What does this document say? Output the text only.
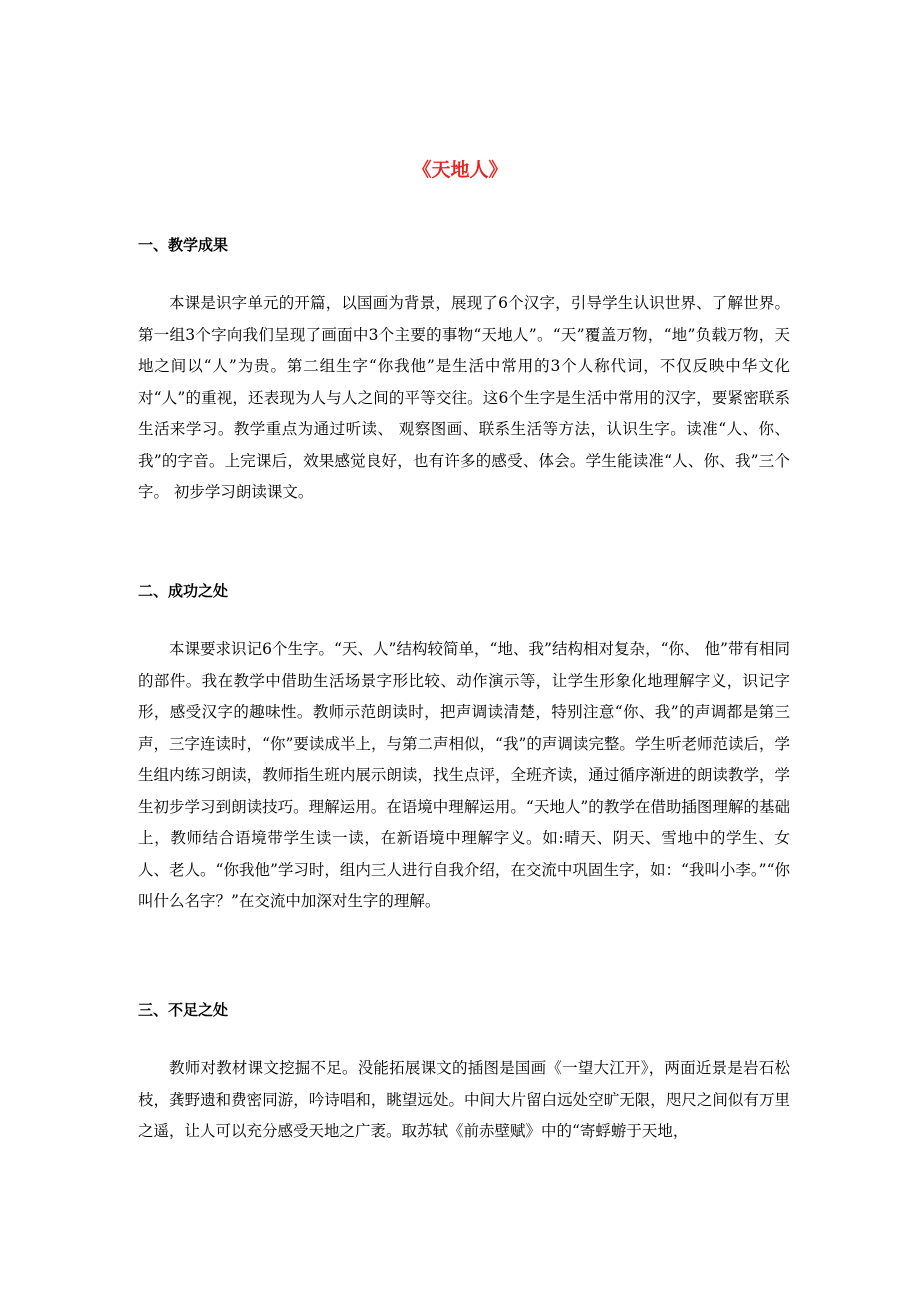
《天地人》
一、教学成果

本课是识字单元的开篇，以国画为背景，展现了6个汉字，引导学生认识世界、了解世界。第一组3个字向我们呈现了画面中3个主要的事物“天地人”。“天”覆盖万物，“地”负载万物，天地之间以“人”为贵。第二组生字“你我他”是生活中常用的3个人称代词，不仅反映中华文化对“人”的重视，还表现为人与人之间的平等交往。这6个生字是生活中常用的汉字，要紧密联系生活来学习。教学重点为通过听读、 观察图画、联系生活等方法，认识生字。读准“人、你、我”的字音。上完课后，效果感觉良好，也有许多的感受、体会。学生能读准“人、你、我”三个字。 初步学习朗读课文。

二、成功之处

本课要求识记6个生字。“天、人”结构较简单，“地、我”结构相对复杂，“你、 他”带有相同的部件。我在教学中借助生活场景字形比较、动作演示等，让学生形象化地理解字义，识记字形，感受汉字的趣味性。教师示范朗读时，把声调读清楚，特别注意“你、我”的声调都是第三声，三字连读时，“你”要读成半上，与第二声相似，“我”的声调读完整。学生听老师范读后，学生组内练习朗读，教师指生班内展示朗读，找生点评，全班齐读，通过循序渐进的朗读教学，学生初步学习到朗读技巧。理解运用。在语境中理解运用。“天地人”的教学在借助插图理解的基础上，教师结合语境带学生读一读，在新语境中理解字义。如:晴天、阴天、雪地中的学生、女人、老人。“你我他”学习时，组内三人进行自我介绍，在交流中巩固生字，如：“我叫小李。”“你叫什么名字？”在交流中加深对生字的理解。

三、不足之处

教师对教材课文挖掘不足。没能拓展课文的插图是国画《一望大江开》，两面近景是岩石松枝，龚野遗和费密同游，吟诗唱和，眺望远处。中间大片留白远处空旷无限，咫尺之间似有万里之遥，让人可以充分感受天地之广袤。取苏轼《前赤壁赋》中的“寄蜉蝣于天地，
